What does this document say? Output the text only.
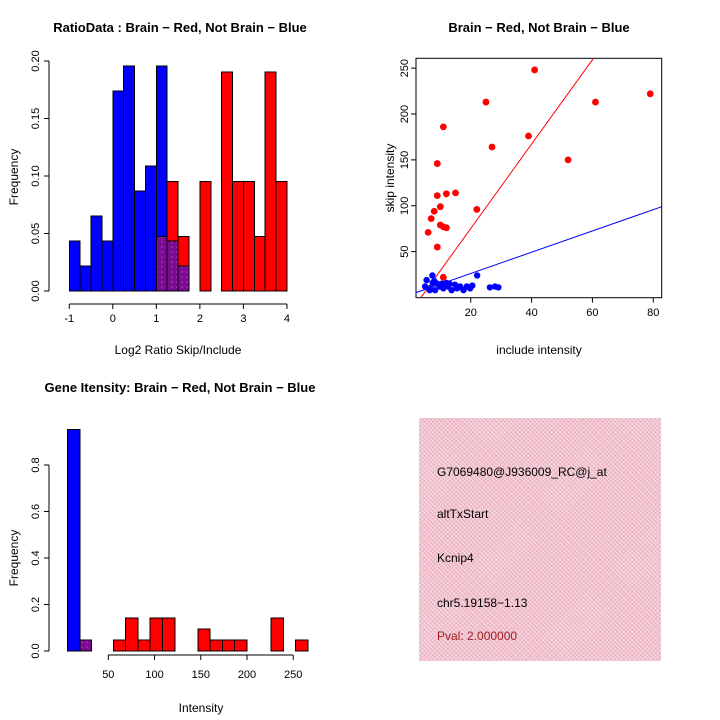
RatioData : Brain − Red, Not Brain − Blue
Frequency
Log2 Ratio Skip/Include
0.00
0.05
0.10
0.15
0.20
-1	0	1	2	3	4
Brain − Red, Not Brain − Blue
skip intensity
include intensity
20	40	60	80
50
100
150
200
250
Gene Itensity: Brain − Red, Not Brain − Blue
Frequency
Intensity
0.0
0.2
0.4
0.6
0.8
50	100	150	200	250
G7069480@J936009_RC@j_at
altTxStart
Kcnip4
chr5.19158−1.13
Pval: 2.000000
